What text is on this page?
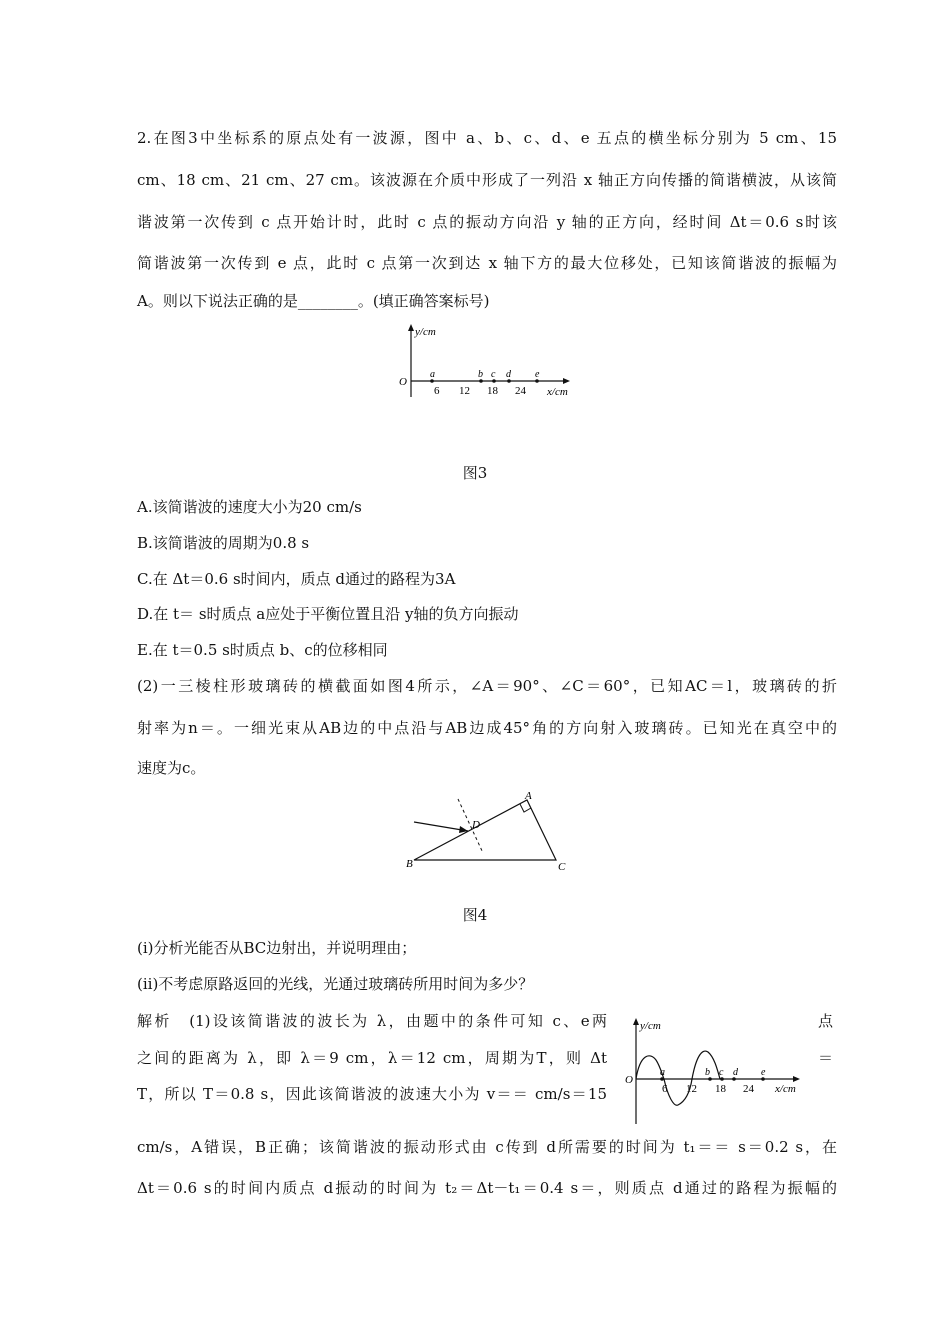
2.在图3中坐标系的原点处有一波源，图中 a、b、c、d、e 五点的横坐标分别为 5 cm、15
cm、18 cm、21 cm、27 cm。该波源在介质中形成了一列沿 x 轴正方向传播的简谐横波，从该简
谐波第一次传到 c 点开始计时，此时 c 点的振动方向沿 y 轴的正方向，经时间 Δt＝0.6 s时该
简谐波第一次传到 e 点，此时 c 点第一次到达 x 轴下方的最大位移处，已知该简谐波的振幅为
A。则以下说法正确的是________。(填正确答案标号)
y/cm
x/cm
O
6 12 18 24
a	b c d e
图3
A.该简谐波的速度大小为20 cm/s
B.该简谐波的周期为0.8 s
C.在 Δt＝0.6 s时间内，质点 d通过的路程为3A
D.在 t＝ s时质点 a应处于平衡位置且沿 y轴的负方向振动
E.在 t＝0.5 s时质点 b、c的位移相同
(2)一三棱柱形玻璃砖的横截面如图4所示，∠A＝90°、∠C＝60°，已知AC＝l，玻璃砖的折
射率为n＝。一细光束从AB边的中点沿与AB边成45°角的方向射入玻璃砖。已知光在真空中的
速度为c。
A
B	C
D
图4
(ⅰ)分析光能否从BC边射出，并说明理由；
(ⅱ)不考虑原路返回的光线，光通过玻璃砖所用时间为多少？
解析　(1)设该简谐波的波长为 λ，由题中的条件可知 c、e两	点
之间的距离为 λ，即 λ＝9 cm，λ＝12 cm，周期为T，则 Δt	＝
T，所以 T＝0.8 s，因此该简谐波的波速大小为 v＝＝ cm/s＝15
y/cm
x/cm
O
6 12 18 24
a	b c d e
cm/s，A错误，B正确；该简谐波的振动形式由 c传到 d所需要的时间为 t₁＝＝ s＝0.2 s，在
Δt＝0.6 s的时间内质点 d振动的时间为 t₂＝Δt－t₁＝0.4 s＝，则质点 d通过的路程为振幅的
